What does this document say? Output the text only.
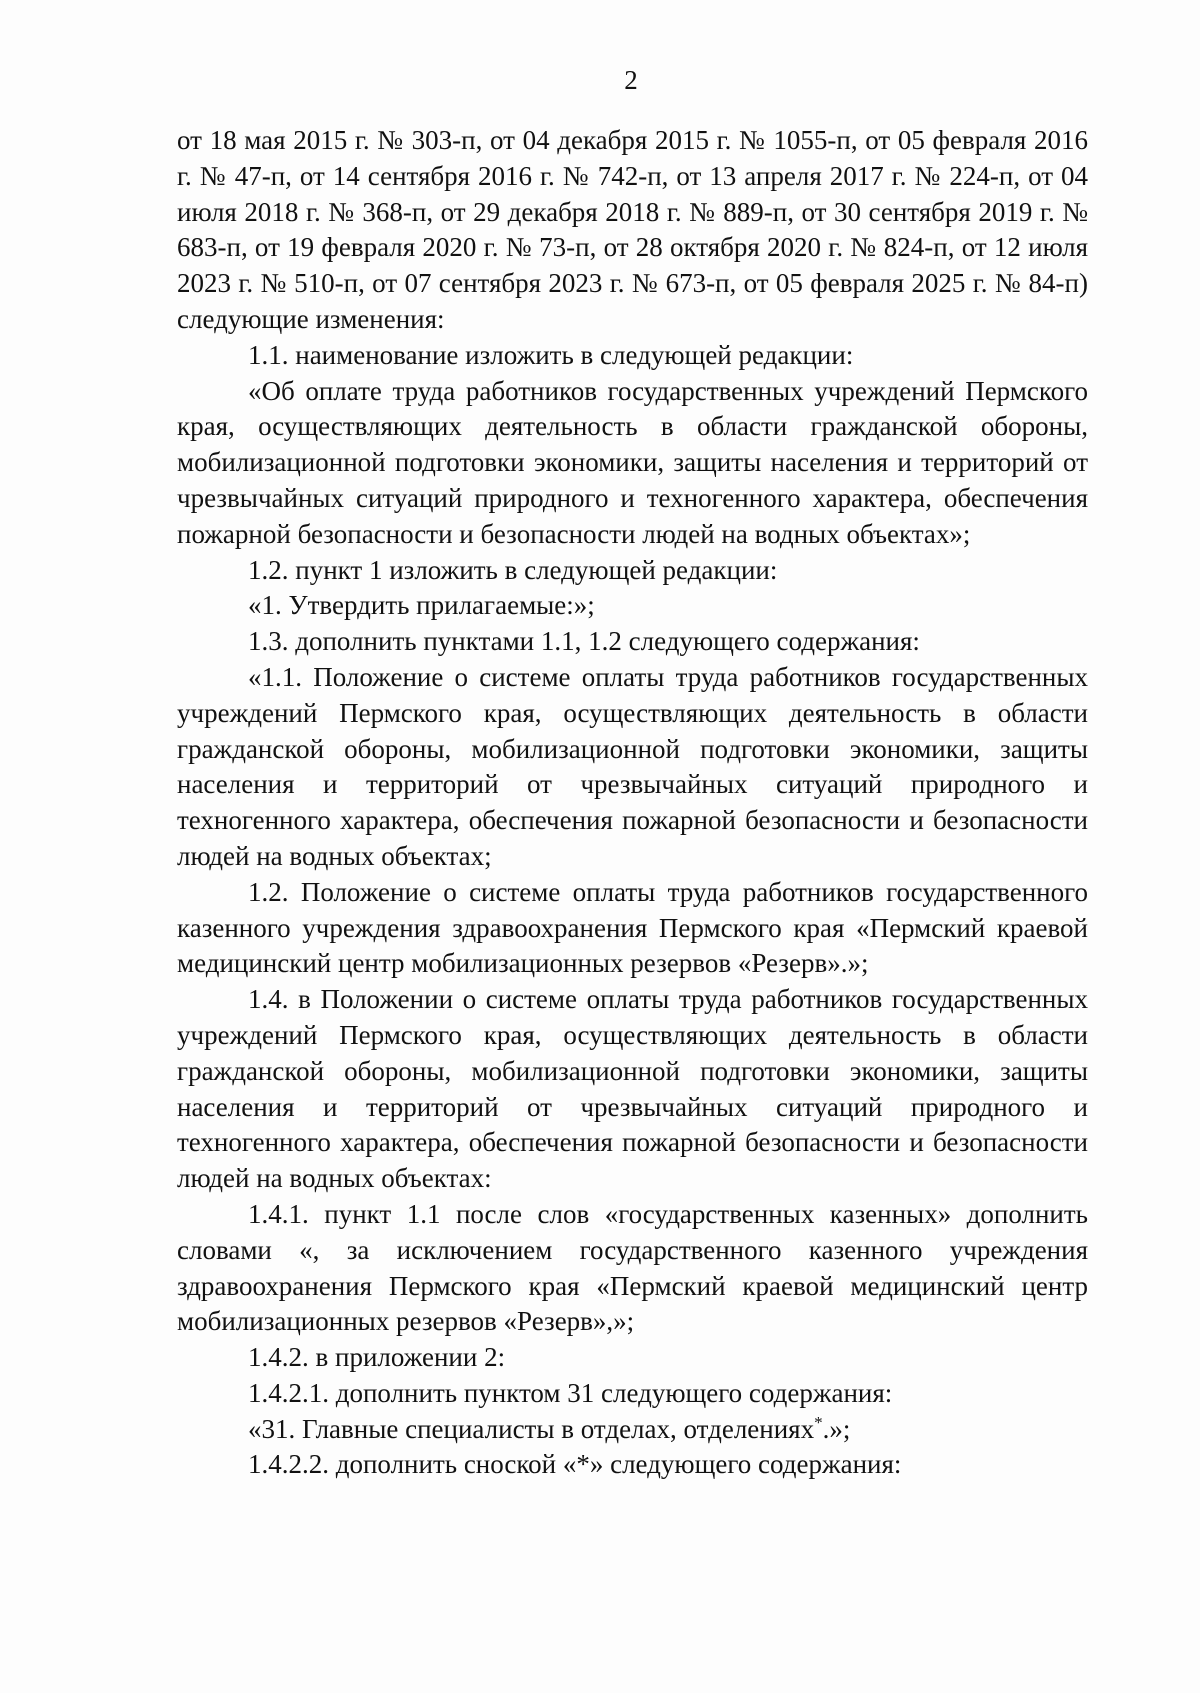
2

от 18 мая 2015 г. № 303-п, от 04 декабря 2015 г. № 1055-п, от 05 февраля 2016 г. № 47-п, от 14 сентября 2016 г. № 742-п, от 13 апреля 2017 г. № 224-п, от 04 июля 2018 г. № 368-п, от 29 декабря 2018 г. № 889-п, от 30 сентября 2019 г. № 683-п, от 19 февраля 2020 г. № 73-п, от 28 октября 2020 г. № 824-п, от 12 июля 2023 г. № 510-п, от 07 сентября 2023 г. № 673-п, от 05 февраля 2025 г. № 84-п) следующие изменения:

1.1. наименование изложить в следующей редакции:

«Об оплате труда работников государственных учреждений Пермского края, осуществляющих деятельность в области гражданской обороны, мобилизационной подготовки экономики, защиты населения и территорий от чрезвычайных ситуаций природного и техногенного характера, обеспечения пожарной безопасности и безопасности людей на водных объектах»;

1.2. пункт 1 изложить в следующей редакции:

«1. Утвердить прилагаемые:»;

1.3. дополнить пунктами 1.1, 1.2 следующего содержания:

«1.1. Положение о системе оплаты труда работников государственных учреждений Пермского края, осуществляющих деятельность в области гражданской обороны, мобилизационной подготовки экономики, защиты населения и территорий от чрезвычайных ситуаций природного и техногенного характера, обеспечения пожарной безопасности и безопасности людей на водных объектах;

1.2. Положение о системе оплаты труда работников государственного казенного учреждения здравоохранения Пермского края «Пермский краевой медицинский центр мобилизационных резервов «Резерв».»;

1.4. в Положении о системе оплаты труда работников государственных учреждений Пермского края, осуществляющих деятельность в области гражданской обороны, мобилизационной подготовки экономики, защиты населения и территорий от чрезвычайных ситуаций природного и техногенного характера, обеспечения пожарной безопасности и безопасности людей на водных объектах:

1.4.1. пункт 1.1 после слов «государственных казенных» дополнить словами «, за исключением государственного казенного учреждения здравоохранения Пермского края «Пермский краевой медицинский центр мобилизационных резервов «Резерв»,»;

1.4.2. в приложении 2:

1.4.2.1. дополнить пунктом 31 следующего содержания:

«31. Главные специалисты в отделах, отделениях*.»;

1.4.2.2. дополнить сноской «*» следующего содержания:
